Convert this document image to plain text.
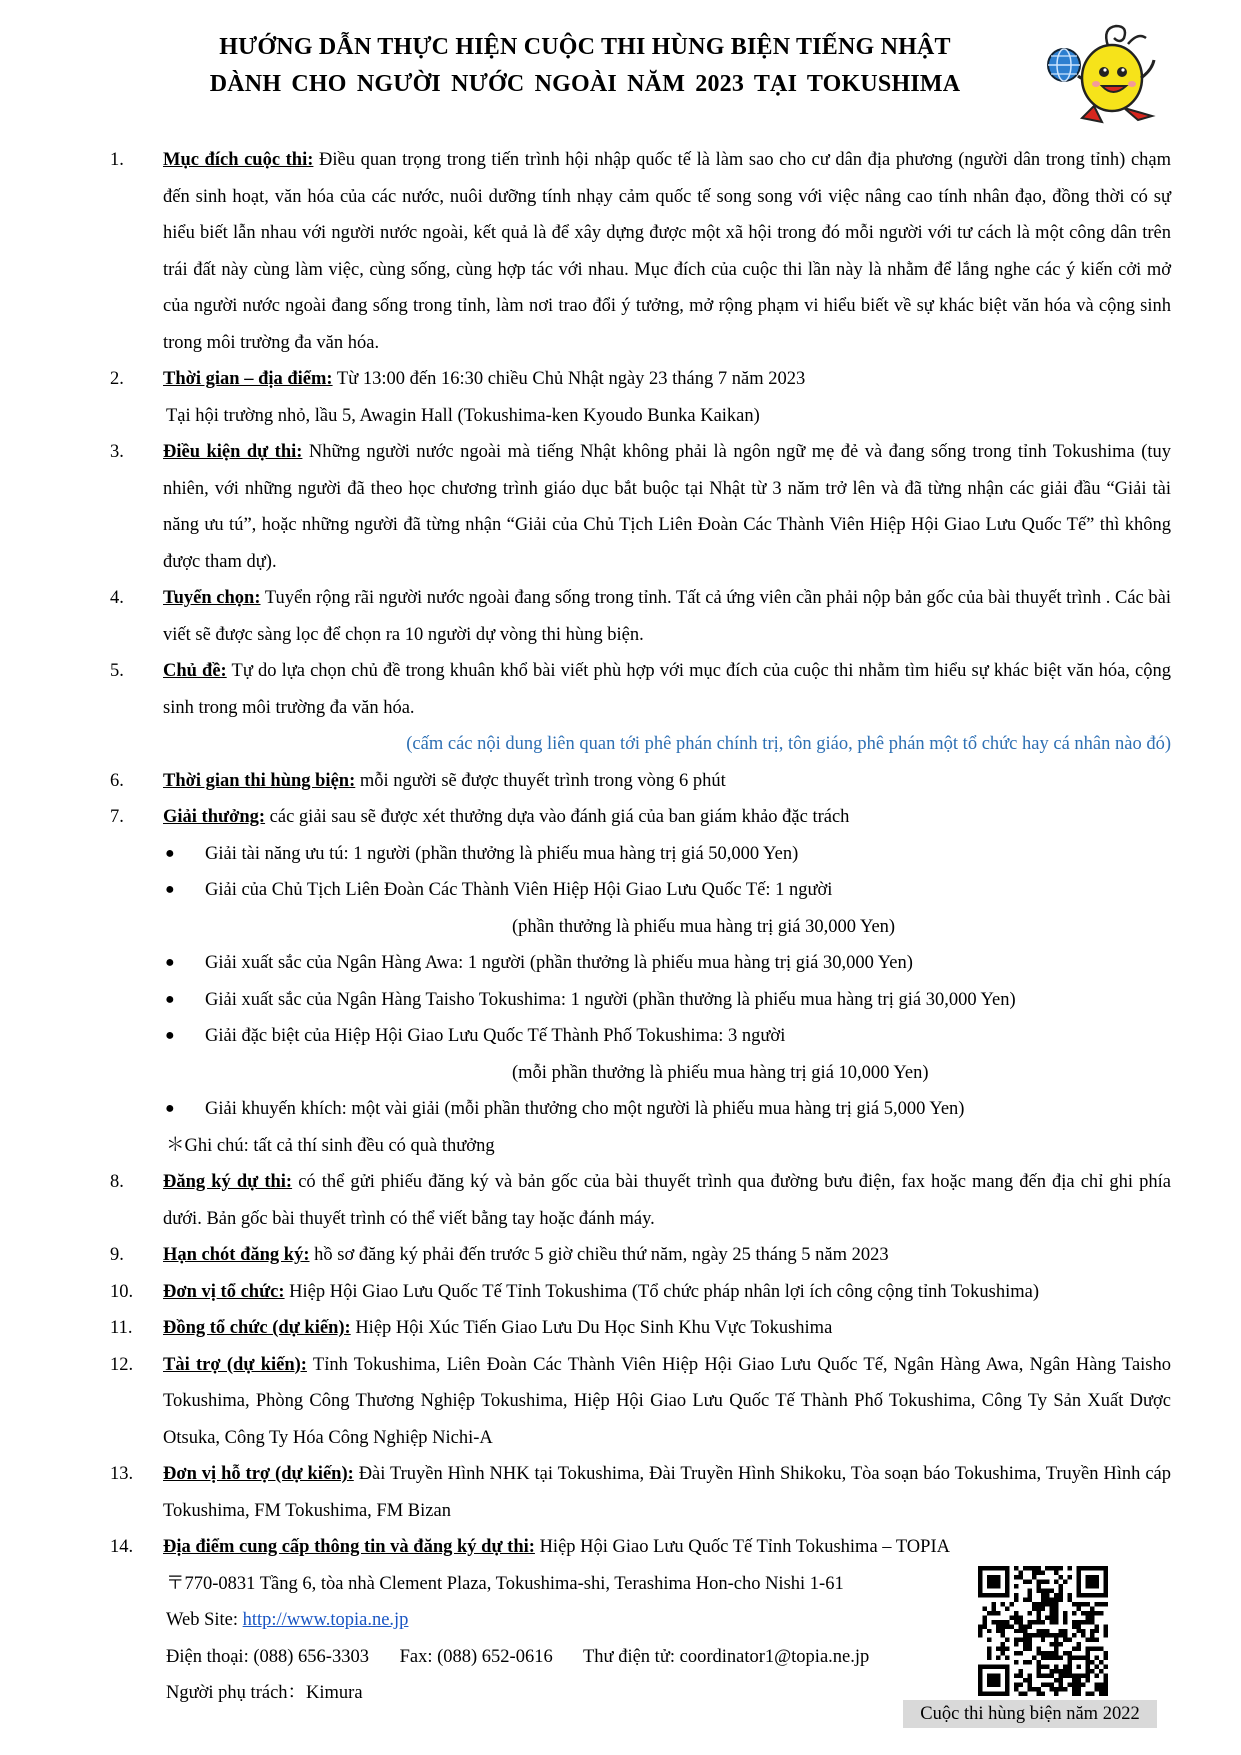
HƯỚNG DẪN THỰC HIỆN CUỘC THI HÙNG BIỆN TIẾNG NHẬT
DÀNH CHO NGƯỜI NƯỚC NGOÀI NĂM 2023 TẠI TOKUSHIMA
1. Mục đích cuộc thi: Điều quan trọng trong tiến trình hội nhập quốc tế là làm sao cho cư dân địa phương (người dân trong tỉnh) chạm đến sinh hoạt, văn hóa của các nước, nuôi dưỡng tính nhạy cảm quốc tế song song với việc nâng cao tính nhân đạo, đồng thời có sự hiểu biết lẫn nhau với người nước ngoài, kết quả là để xây dựng được một xã hội trong đó mỗi người với tư cách là một công dân trên trái đất này cùng làm việc, cùng sống, cùng hợp tác với nhau. Mục đích của cuộc thi lần này là nhằm để lắng nghe các ý kiến cởi mở của người nước ngoài đang sống trong tỉnh, làm nơi trao đổi ý tưởng, mở rộng phạm vi hiểu biết về sự khác biệt văn hóa và cộng sinh trong môi trường đa văn hóa.
2. Thời gian – địa điểm: Từ 13:00 đến 16:30 chiều Chủ Nhật ngày 23 tháng 7 năm 2023
Tại hội trường nhỏ, lầu 5, Awagin Hall (Tokushima-ken Kyoudo Bunka Kaikan)
3. Điều kiện dự thi: Những người nước ngoài mà tiếng Nhật không phải là ngôn ngữ mẹ đẻ và đang sống trong tỉnh Tokushima (tuy nhiên, với những người đã theo học chương trình giáo dục bắt buộc tại Nhật từ 3 năm trở lên và đã từng nhận các giải đầu “Giải tài năng ưu tú”, hoặc những người đã từng nhận “Giải của Chủ Tịch Liên Đoàn Các Thành Viên Hiệp Hội Giao Lưu Quốc Tế” thì không được tham dự).
4. Tuyển chọn: Tuyển rộng rãi người nước ngoài đang sống trong tỉnh. Tất cả ứng viên cần phải nộp bản gốc của bài thuyết trình . Các bài viết sẽ được sàng lọc để chọn ra 10 người dự vòng thi hùng biện.
5. Chủ đề: Tự do lựa chọn chủ đề trong khuân khổ bài viết phù hợp với mục đích của cuộc thi nhằm tìm hiểu sự khác biệt văn hóa, cộng sinh trong môi trường đa văn hóa.
(cấm các nội dung liên quan tới phê phán chính trị, tôn giáo, phê phán một tổ chức hay cá nhân nào đó)
6. Thời gian thi hùng biện: mỗi người sẽ được thuyết trình trong vòng 6 phút
7. Giải thưởng: các giải sau sẽ được xét thưởng dựa vào đánh giá của ban giám khảo đặc trách
● Giải tài năng ưu tú: 1 người (phần thưởng là phiếu mua hàng trị giá 50,000 Yen)
● Giải của Chủ Tịch Liên Đoàn Các Thành Viên Hiệp Hội Giao Lưu Quốc Tế: 1 người
(phần thưởng là phiếu mua hàng trị giá 30,000 Yen)
● Giải xuất sắc của Ngân Hàng Awa: 1 người (phần thưởng là phiếu mua hàng trị giá 30,000 Yen)
● Giải xuất sắc của Ngân Hàng Taisho Tokushima: 1 người (phần thưởng là phiếu mua hàng trị giá 30,000 Yen)
● Giải đặc biệt của Hiệp Hội Giao Lưu Quốc Tế Thành Phố Tokushima: 3 người
(mỗi phần thưởng là phiếu mua hàng trị giá 10,000 Yen)
● Giải khuyến khích: một vài giải (mỗi phần thưởng cho một người là phiếu mua hàng trị giá 5,000 Yen)
＊Ghi chú: tất cả thí sinh đều có quà thưởng
8. Đăng ký dự thi: có thể gửi phiếu đăng ký và bản gốc của bài thuyết trình qua đường bưu điện, fax hoặc mang đến địa chỉ ghi phía dưới. Bản gốc bài thuyết trình có thể viết bằng tay hoặc đánh máy.
9. Hạn chót đăng ký: hồ sơ đăng ký phải đến trước 5 giờ chiều thứ năm, ngày 25 tháng 5 năm 2023
10. Đơn vị tổ chức: Hiệp Hội Giao Lưu Quốc Tế Tỉnh Tokushima (Tổ chức pháp nhân lợi ích công cộng tỉnh Tokushima)
11. Đồng tổ chức (dự kiến): Hiệp Hội Xúc Tiến Giao Lưu Du Học Sinh Khu Vực Tokushima
12. Tài trợ (dự kiến): Tỉnh Tokushima, Liên Đoàn Các Thành Viên Hiệp Hội Giao Lưu Quốc Tế, Ngân Hàng Awa, Ngân Hàng Taisho Tokushima, Phòng Công Thương Nghiệp Tokushima, Hiệp Hội Giao Lưu Quốc Tế Thành Phố Tokushima, Công Ty Sản Xuất Dược Otsuka, Công Ty Hóa Công Nghiệp Nichi-A
13. Đơn vị hỗ trợ (dự kiến): Đài Truyền Hình NHK tại Tokushima, Đài Truyền Hình Shikoku, Tòa soạn báo Tokushima, Truyền Hình cáp Tokushima, FM Tokushima, FM Bizan
14. Địa điểm cung cấp thông tin và đăng ký dự thi: Hiệp Hội Giao Lưu Quốc Tế Tỉnh Tokushima – TOPIA
〒770-0831 Tầng 6, tòa nhà Clement Plaza, Tokushima-shi, Terashima Hon-cho Nishi 1-61
Web Site: http://www.topia.ne.jp
Điện thoại: (088) 656-3303 Fax: (088) 652-0616 Thư điện tử: coordinator1@topia.ne.jp
Người phụ trách：Kimura
Cuộc thi hùng biện năm 2022
